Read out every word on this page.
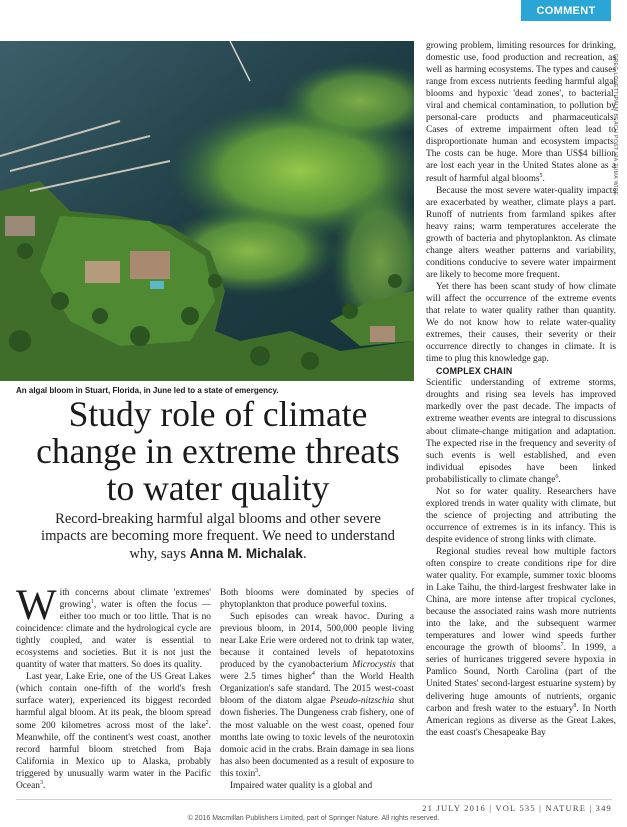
COMMENT
GREG LOVETT/PALM BEACH POST VIA ZUMA WIRE
An algal bloom in Stuart, Florida, in June led to a state of emergency.
Study role of climate change in extreme threats to water quality

Record-breaking harmful algal blooms and other severe impacts are becoming more frequent. We need to understand why, says Anna M. Michalak.

With concerns about climate 'extremes' growing$^1$, water is often the focus — either too much or too little. That is no coincidence: climate and the hydrological cycle are tightly coupled, and water is essential to ecosystems and societies. But it is not just the quantity of water that matters. So does its quality.

Last year, Lake Erie, one of the US Great Lakes (which contain one-fifth of the world's fresh surface water), experienced its biggest recorded harmful algal bloom. At its peak, the bloom spread some 200 kilometres across most of the lake$^2$. Meanwhile, off the continent's west coast, another record harmful bloom stretched from Baja California in Mexico up to Alaska, probably triggered by unusually warm water in the Pacific Ocean$^3$.

Both blooms were dominated by species of phytoplankton that produce powerful toxins.

Such episodes can wreak havoc. During a previous bloom, in 2014, 500,000 people living near Lake Erie were ordered not to drink tap water, because it contained levels of hepatotoxins produced by the cyanobacterium Microcystis that were 2.5 times higher$^4$ than the World Health Organization's safe standard. The 2015 west-coast bloom of the diatom algae Pseudo-nitzschia shut down fisheries. The Dungeness crab fishery, one of the most valuable on the west coast, opened four months late owing to toxic levels of the neurotoxin domoic acid in the crabs. Brain damage in sea lions has also been documented as a result of exposure to this toxin$^3$.

Impaired water quality is a global and

growing problem, limiting resources for drinking, domestic use, food production and recreation, as well as harming ecosystems. The types and causes range from excess nutrients feeding harmful algal blooms and hypoxic 'dead zones', to bacterial, viral and chemical contamination, to pollution by personal-care products and pharmaceuticals. Cases of extreme impairment often lead to disproportionate human and ecosystem impacts. The costs can be huge. More than US$4 billion are lost each year in the United States alone as a result of harmful algal blooms$^5$.

Because the most severe water-quality impacts are exacerbated by weather, climate plays a part. Runoff of nutrients from farmland spikes after heavy rains; warm temperatures accelerate the growth of bacteria and phytoplankton. As climate change alters weather patterns and variability, conditions conducive to severe water impairment are likely to become more frequent.

Yet there has been scant study of how climate will affect the occurrence of the extreme events that relate to water quality rather than quantity. We do not know how to relate water-quality extremes, their causes, their severity or their occurrence directly to changes in climate. It is time to plug this knowledge gap.

COMPLEX CHAIN

Scientific understanding of extreme storms, droughts and rising sea levels has improved markedly over the past decade. The impacts of extreme weather events are integral to discussions about climate-change mitigation and adaptation. The expected rise in the frequency and severity of such events is well established, and even individual episodes have been linked probabilistically to climate change$^6$.

Not so for water quality. Researchers have explored trends in water quality with climate, but the science of projecting and attributing the occurrence of extremes is in its infancy. This is despite evidence of strong links with climate.

Regional studies reveal how multiple factors often conspire to create conditions ripe for dire water quality. For example, summer toxic blooms in Lake Taihu, the third-largest freshwater lake in China, are more intense after tropical cyclones, because the associated rains wash more nutrients into the lake, and the subsequent warmer temperatures and lower wind speeds further encourage the growth of blooms$^7$. In 1999, a series of hurricanes triggered severe hypoxia in Pamlico Sound, North Carolina (part of the United States' second-largest estuarine system) by delivering huge amounts of nutrients, organic carbon and fresh water to the estuary$^8$. In North American regions as diverse as the Great Lakes, the east coast's Chesapeake Bay

21 JULY 2016 | VOL 535 | NATURE | 349
© 2016 Macmillan Publishers Limited, part of Springer Nature. All rights reserved.
